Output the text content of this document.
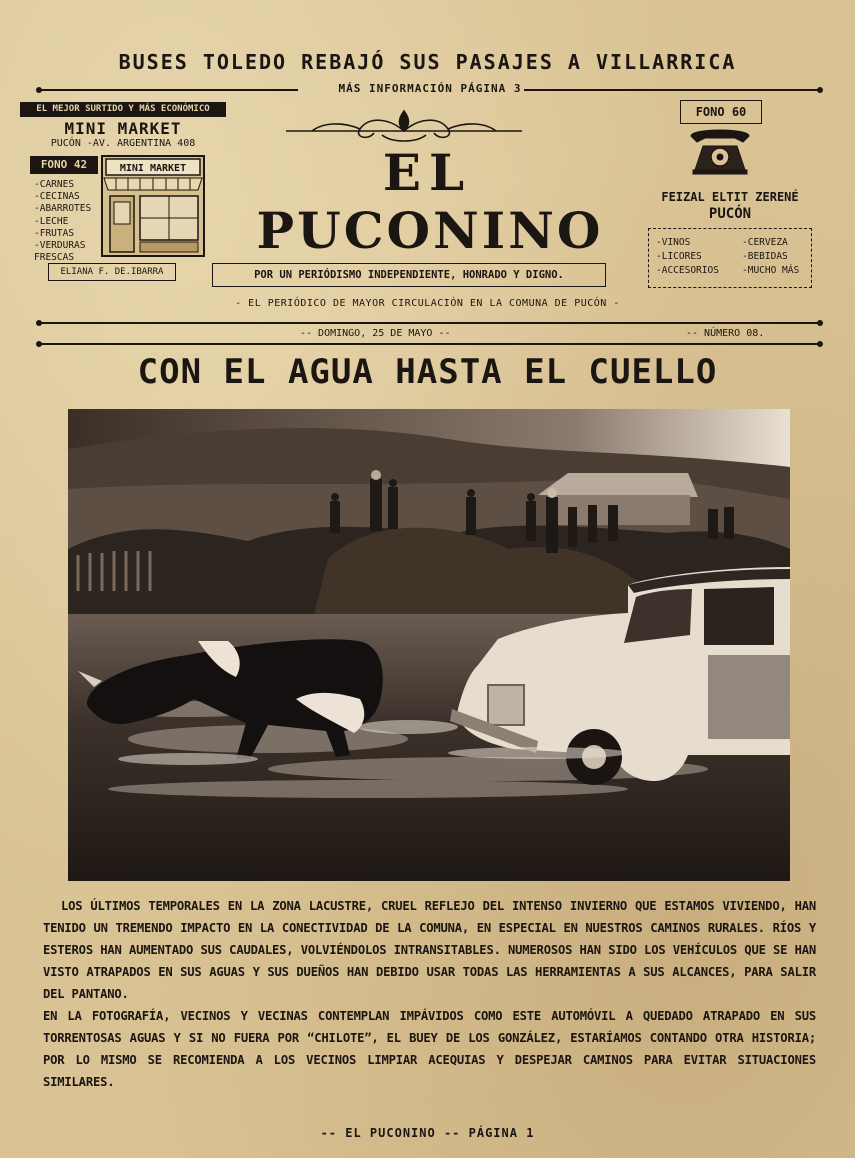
BUSES TOLEDO REBAJÓ SUS PASAJES A VILLARRICA
MÁS INFORMACIÓN PÁGINA 3
EL MEJOR SURTIDO Y MÁS ECONÓMICO
MINI MARKET
PUCÓN -AV. ARGENTINA 408
FONO 42
-CARNES
-CECINAS
-ABARROTES
-LECHE
-FRUTAS
-VERDURAS
FRESCAS
MINI MARKET
ELIANA F. DE.IBARRA
EL
PUCONINO
POR UN PERIÓDISMO INDEPENDIENTE, HONRADO Y DIGNO.
- EL PERIÓDICO DE MAYOR CIRCULACIÓN EN LA COMUNA DE PUCÓN -
FONO 60
FEIZAL ELTIT ZERENÉ
PUCÓN
-VINOS
-LICORES
-ACCESORIOS
-CERVEZA
-BEBIDAS
-MUCHO MÁS
-- DOMINGO, 25 DE MAYO --	-- NÚMERO 08.
CON EL AGUA HASTA EL CUELLO

LOS ÚLTIMOS TEMPORALES EN LA ZONA LACUSTRE, CRUEL REFLEJO DEL INTENSO INVIERNO QUE ESTAMOS VIVIENDO, HAN TENIDO UN TREMENDO IMPACTO EN LA CONECTIVIDAD DE LA COMUNA, EN ESPECIAL EN NUESTROS CAMINOS RURALES. RÍOS Y ESTEROS HAN AUMENTADO SUS CAUDALES, VOLVIÉNDOLOS INTRANSITABLES. NUMEROSOS HAN SIDO LOS VEHÍCULOS QUE SE HAN VISTO ATRAPADOS EN SUS AGUAS Y SUS DUEÑOS HAN DEBIDO USAR TODAS LAS HERRAMIENTAS A SUS ALCANCES, PARA SALIR DEL PANTANO.

EN LA FOTOGRAFÍA, VECINOS Y VECINAS CONTEMPLAN IMPÁVIDOS COMO ESTE AUTOMÓVIL A QUEDADO ATRAPADO EN SUS TORRENTOSAS AGUAS Y SI NO FUERA POR “CHILOTE”, EL BUEY DE LOS GONZÁLEZ, ESTARÍAMOS CONTANDO OTRA HISTORIA; POR LO MISMO SE RECOMIENDA A LOS VECINOS LIMPIAR ACEQUIAS Y DESPEJAR CAMINOS PARA EVITAR SITUACIONES SIMILARES.

-- EL PUCONINO -- PÁGINA 1
